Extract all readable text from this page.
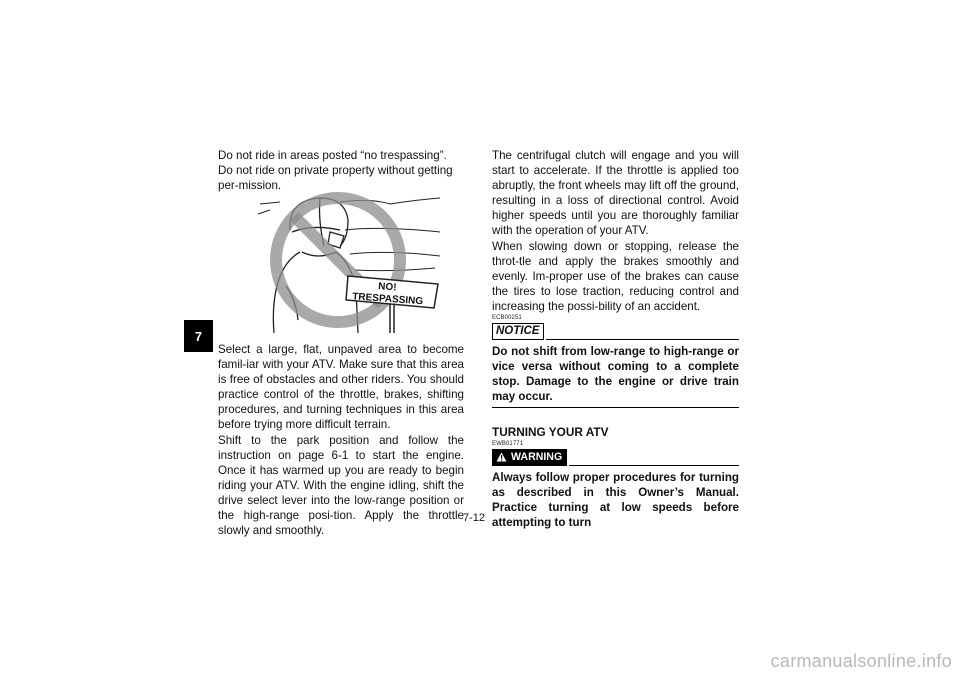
7

Do not ride in areas posted “no trespassing”.

Do not ride on private property without getting per-mission.

NO!
TRESPASSING

Select a large, flat, unpaved area to become famil-iar with your ATV. Make sure that this area is free of obstacles and other riders. You should practice control of the throttle, brakes, shifting procedures, and turning techniques in this area before trying more difficult terrain.

Shift to the park position and follow the instruction on page 6-1 to start the engine. Once it has warmed up you are ready to begin riding your ATV. With the engine idling, shift the drive select lever into the low-range position or the high-range posi-tion. Apply the throttle slowly and smoothly.

The centrifugal clutch will engage and you will start to accelerate. If the throttle is applied too abruptly, the front wheels may lift off the ground, resulting in a loss of directional control. Avoid higher speeds until you are thoroughly familiar with the operation of your ATV.

When slowing down or stopping, release the throt-tle and apply the brakes smoothly and evenly. Im-proper use of the brakes can cause the tires to lose traction, reducing control and increasing the possi-bility of an accident.

ECB00251
NOTICE

Do not shift from low-range to high-range or vice versa without coming to a complete stop. Damage to the engine or drive train may occur.

TURNING YOUR ATV
EWB01771
WARNING

Always follow proper procedures for turning as described in this Owner’s Manual. Practice turning at low speeds before attempting to turn

7-12
carmanualsonline.info
